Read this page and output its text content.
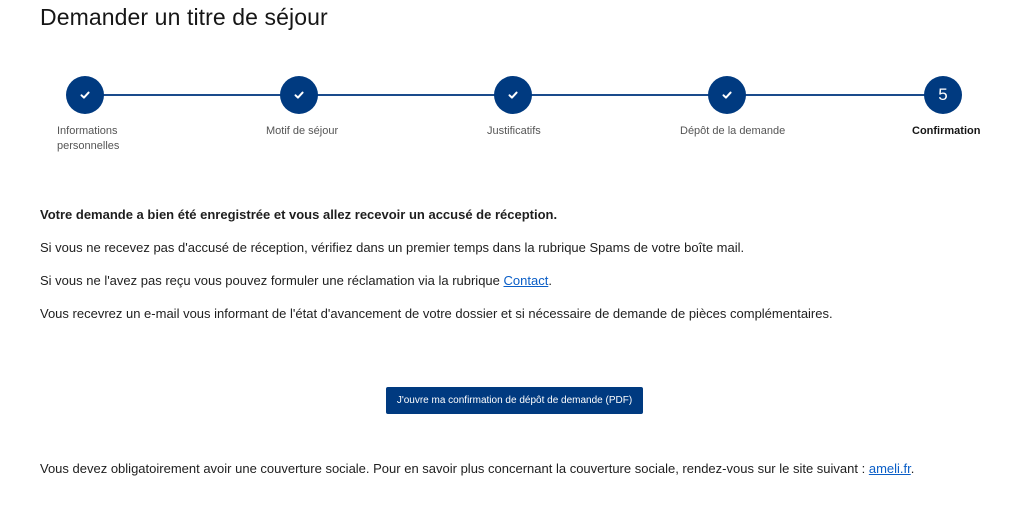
Demander un titre de séjour
Informations
personnelles
Motif de séjour	Justificatifs	Dépôt de la demande
5
Confirmation

Votre demande a bien été enregistrée et vous allez recevoir un accusé de réception.

Si vous ne recevez pas d'accusé de réception, vérifiez dans un premier temps dans la rubrique Spams de votre boîte mail.

Si vous ne l'avez pas reçu vous pouvez formuler une réclamation via la rubrique Contact.

Vous recevrez un e-mail vous informant de l'état d'avancement de votre dossier et si nécessaire de demande de pièces complémentaires.

J'ouvre ma confirmation de dépôt de demande (PDF)

Vous devez obligatoirement avoir une couverture sociale. Pour en savoir plus concernant la couverture sociale, rendez-vous sur le site suivant : ameli.fr.
